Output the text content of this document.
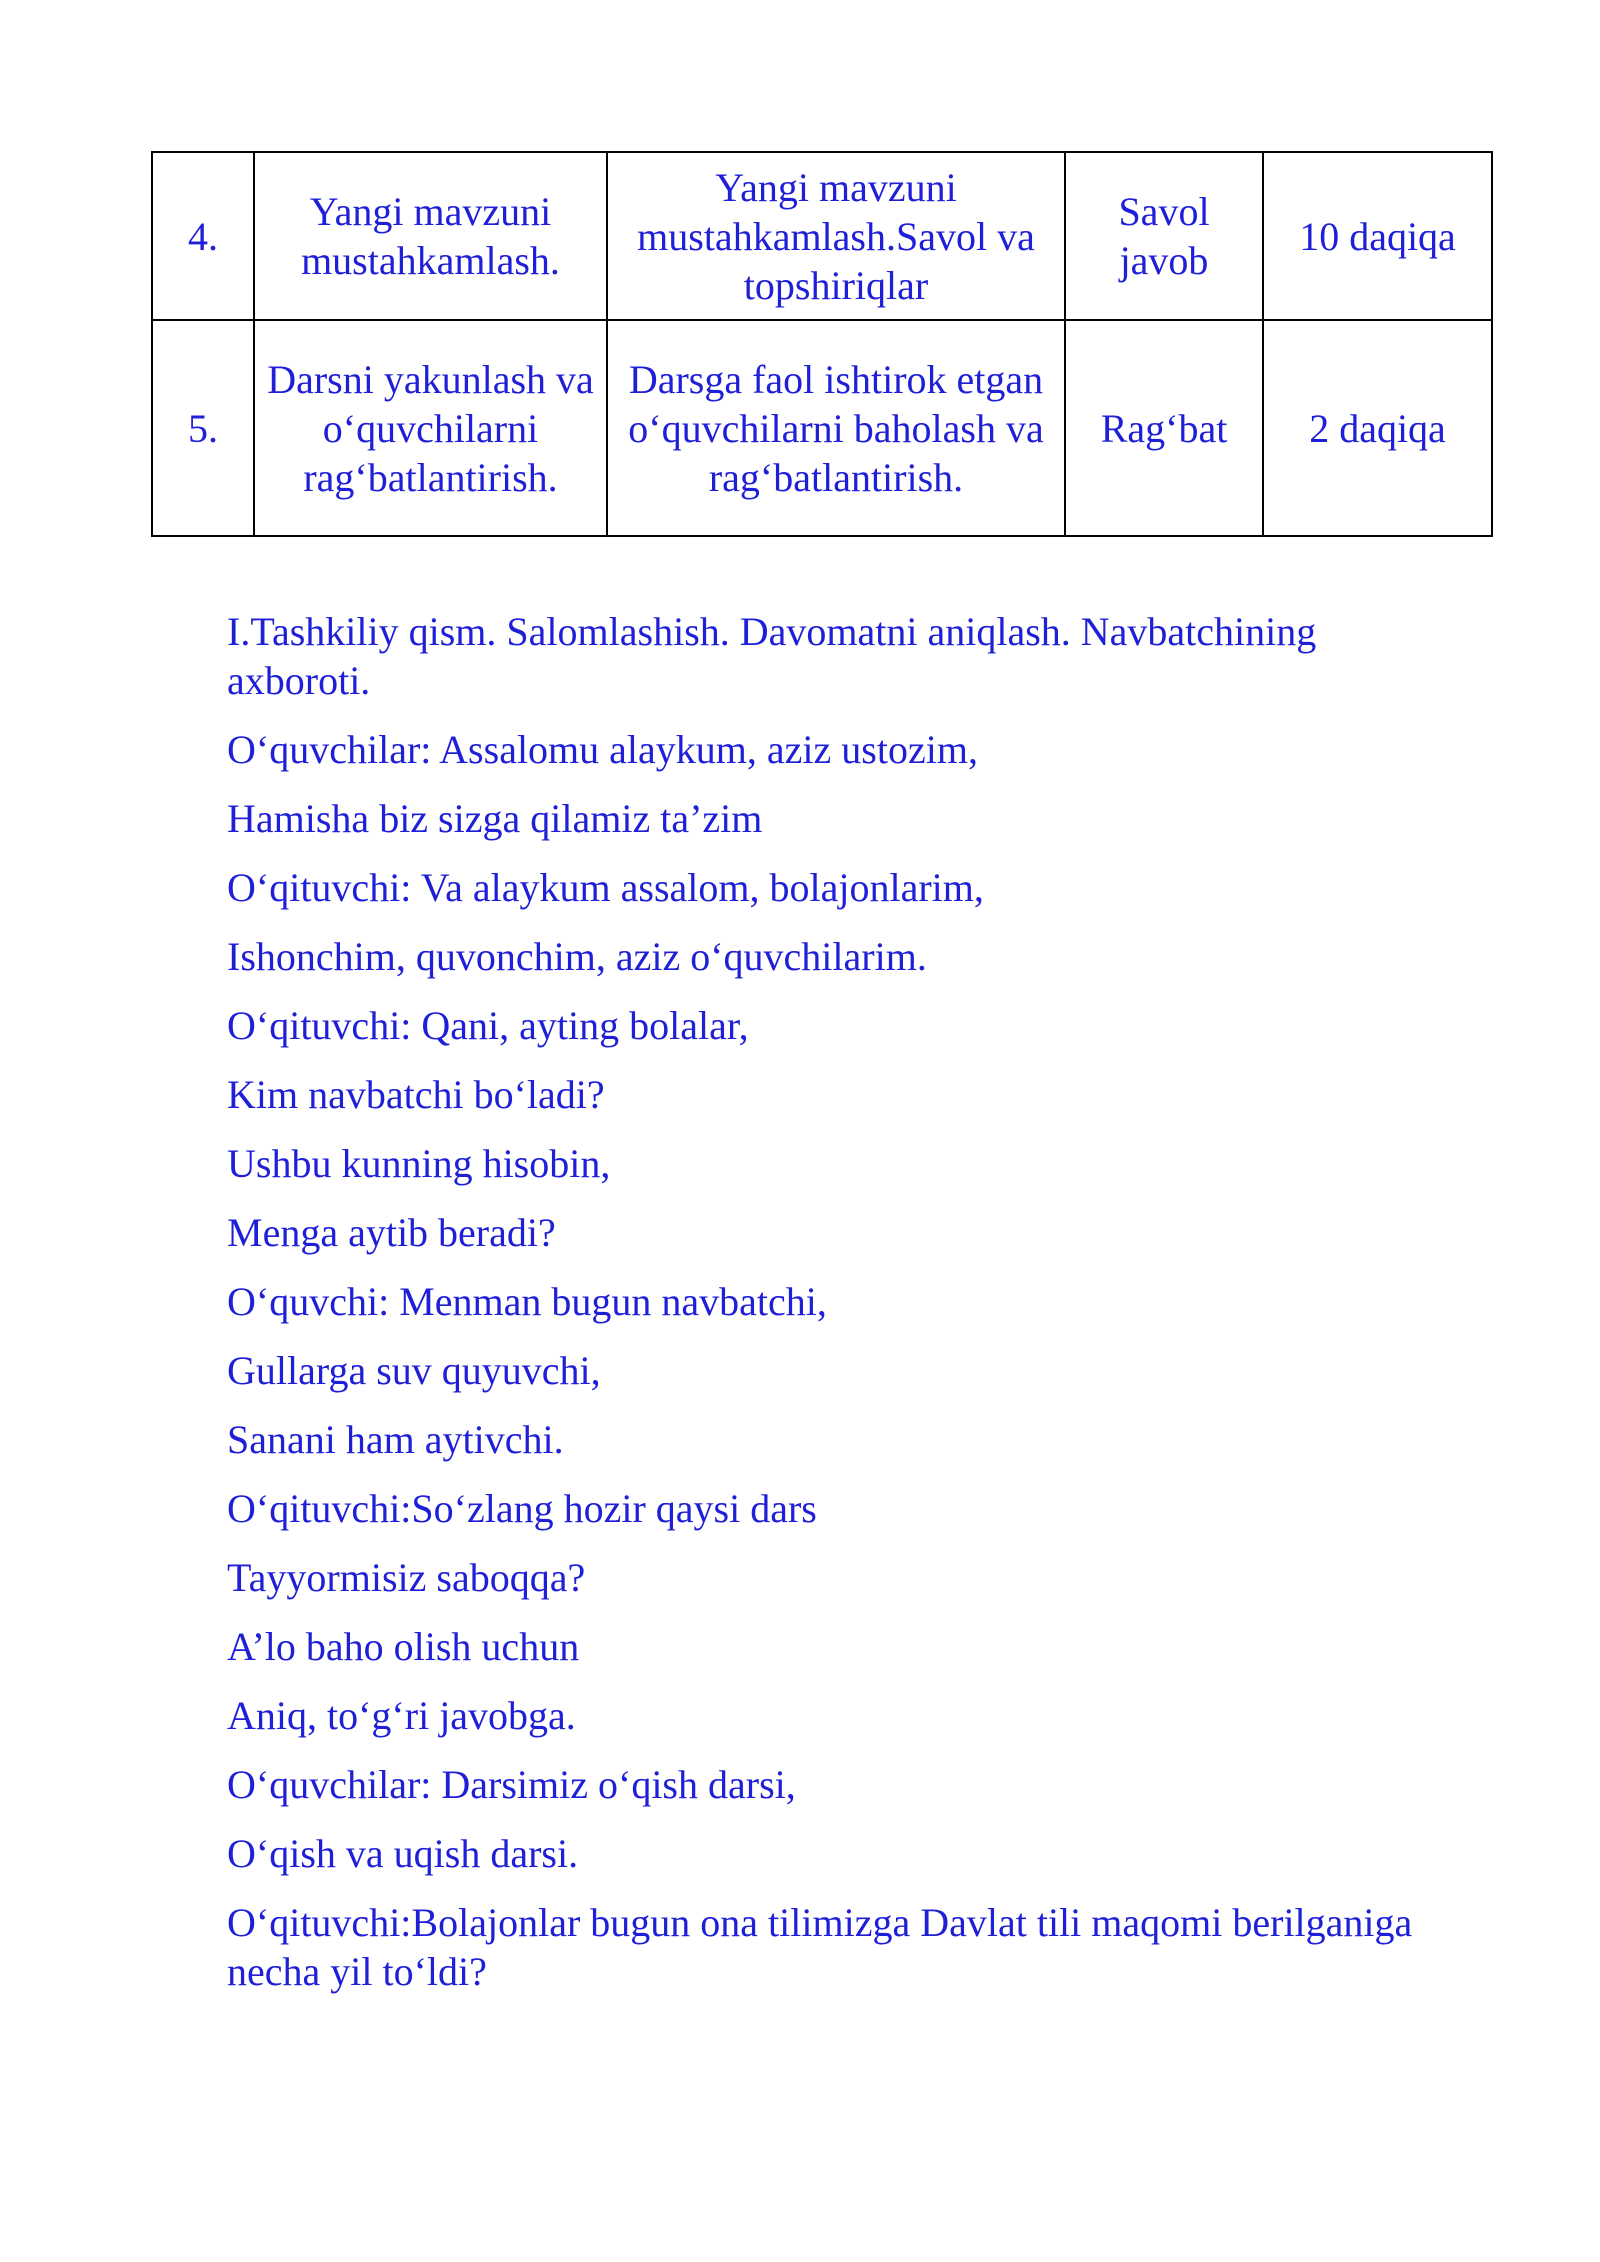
4.	Yangi mavzuni mustahkamlash.	Yangi mavzuni mustahkamlash.Savol va topshiriqlar	Savol javob	10 daqiqa
5.	Darsni yakunlash va o‘quvchilarni rag‘batlantirish.	Darsga faol ishtirok etgan o‘quvchilarni baholash va rag‘batlantirish.	Rag‘bat	2 daqiqa

I.Tashkiliy qism. Salomlashish. Davomatni aniqlash. Navbatchining axboroti.

O‘quvchilar: Assalomu alaykum, aziz ustozim,

Hamisha biz sizga qilamiz ta’zim

O‘qituvchi: Va alaykum assalom, bolajonlarim,

Ishonchim, quvonchim, aziz o‘quvchilarim.

O‘qituvchi: Qani, ayting bolalar,

Kim navbatchi bo‘ladi?

Ushbu kunning hisobin,

Menga aytib beradi?

O‘quvchi: Menman bugun navbatchi,

Gullarga suv quyuvchi,

Sanani ham aytivchi.

O‘qituvchi:So‘zlang hozir qaysi dars

Tayyormisiz saboqqa?

A’lo baho olish uchun

Aniq, to‘g‘ri javobga.

O‘quvchilar: Darsimiz o‘qish darsi,

O‘qish va uqish darsi.

O‘qituvchi:Bolajonlar bugun ona tilimizga Davlat tili maqomi berilganiga necha yil to‘ldi?
